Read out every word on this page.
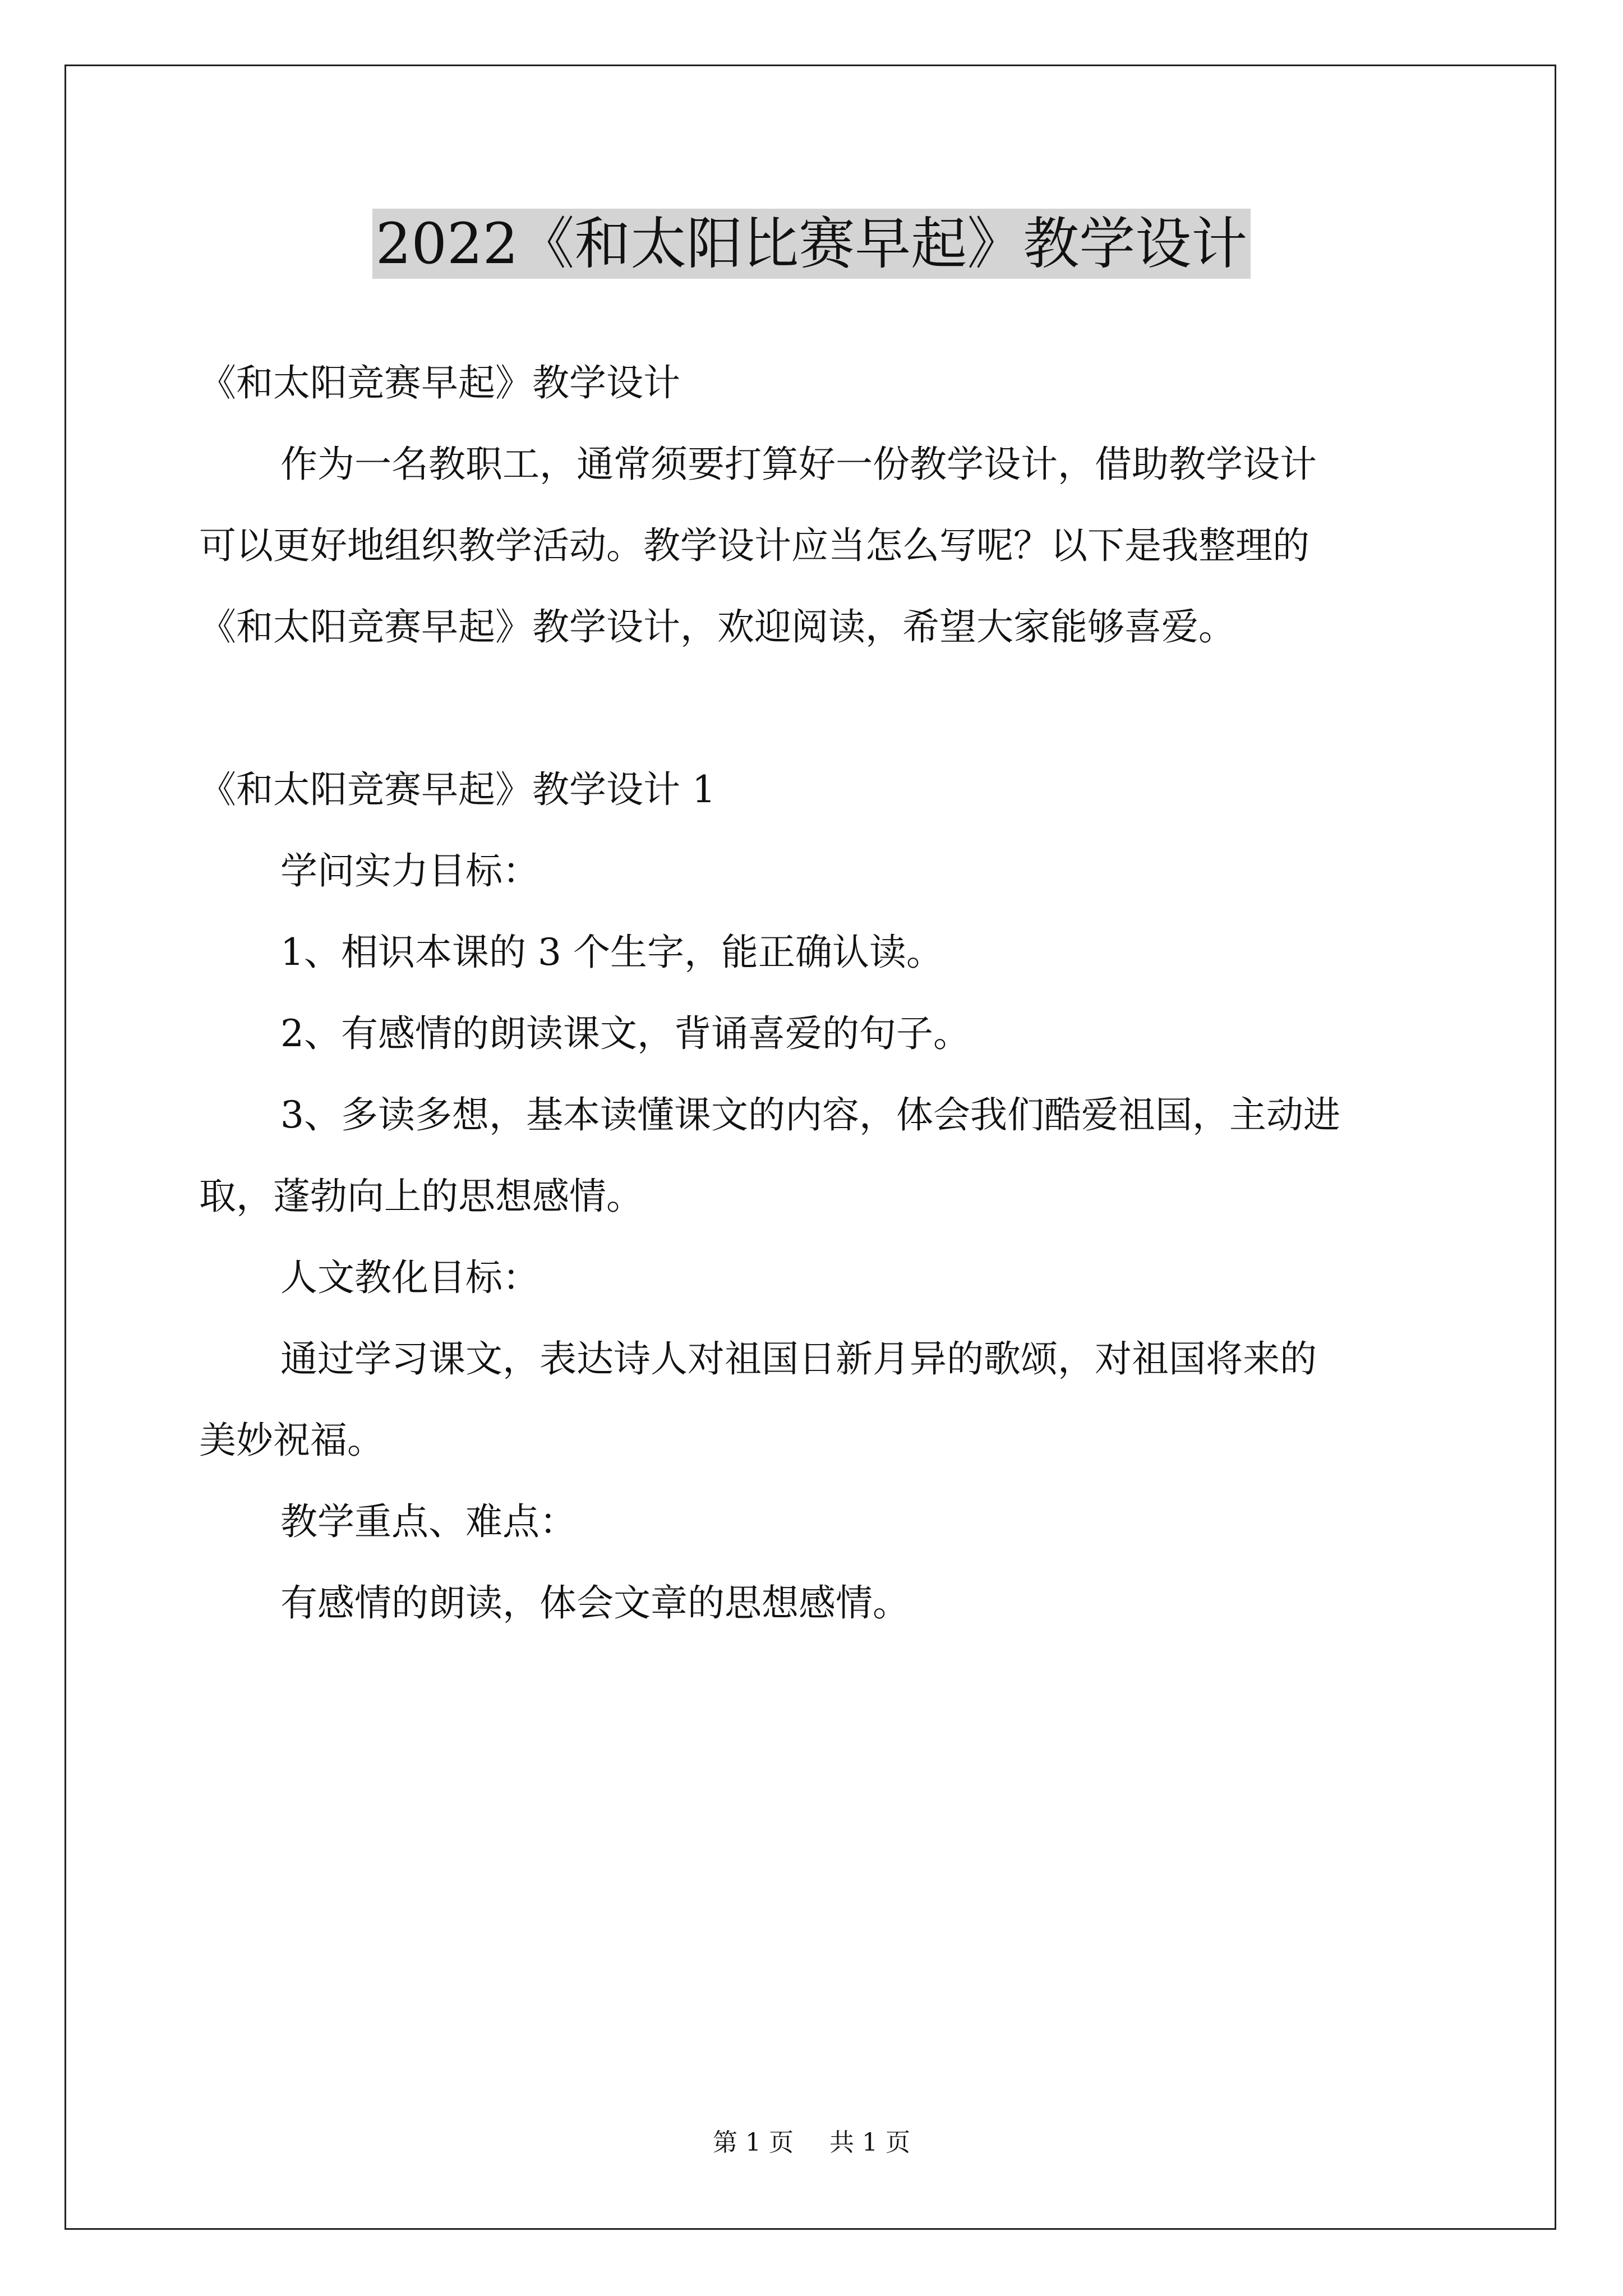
2022《和太阳比赛早起》教学设计
《和太阳竞赛早起》教学设计
作为一名教职工，通常须要打算好一份教学设计，借助教学设计
可以更好地组织教学活动。教学设计应当怎么写呢？以下是我整理的
《和太阳竞赛早起》教学设计，欢迎阅读，希望大家能够喜爱。
《和太阳竞赛早起》教学设计 1
学问实力目标：
1、相识本课的 3 个生字，能正确认读。
2、有感情的朗读课文，背诵喜爱的句子。
3、多读多想，基本读懂课文的内容，体会我们酷爱祖国，主动进
取，蓬勃向上的思想感情。
人文教化目标：
通过学习课文，表达诗人对祖国日新月异的歌颂，对祖国将来的
美妙祝福。
教学重点、难点：
有感情的朗读，体会文章的思想感情。
第 1 页 共 1 页
